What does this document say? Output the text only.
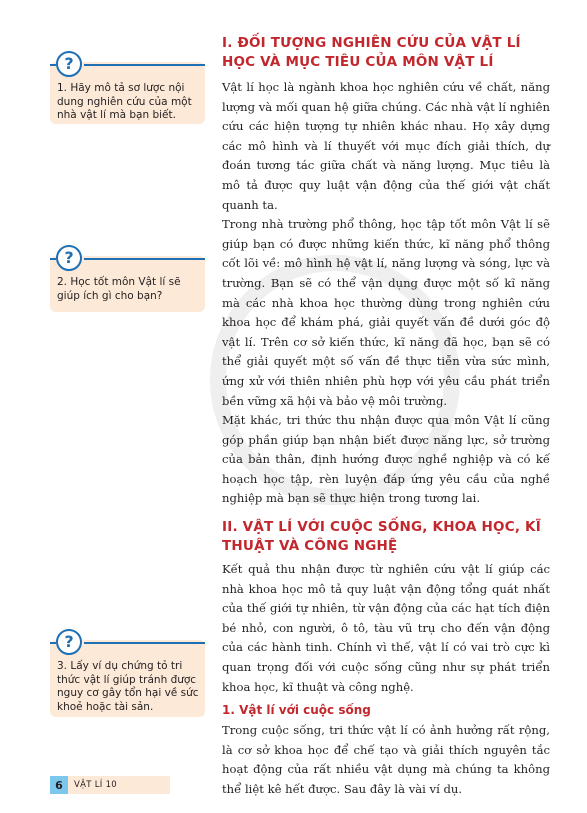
?
1. Hãy mô tả sơ lược nội dung nghiên cứu của một nhà vật lí mà bạn biết.
?
2. Học tốt môn Vật lí sẽ giúp ích gì cho bạn?
?
3. Lấy ví dụ chứng tỏ tri thức vật lí giúp tránh được nguy cơ gây tổn hại về sức khoẻ hoặc tài sản.
I. ĐỐI TƯỢNG NGHIÊN CỨU CỦA VẬT LÍ HỌC VÀ MỤC TIÊU CỦA MÔN VẬT LÍ

Vật lí học là ngành khoa học nghiên cứu về chất, năng lượng và mối quan hệ giữa chúng. Các nhà vật lí nghiên cứu các hiện tượng tự nhiên khác nhau. Họ xây dựng các mô hình và lí thuyết với mục đích giải thích, dự đoán tương tác giữa chất và năng lượng. Mục tiêu là mô tả được quy luật vận động của thế giới vật chất quanh ta.

Trong nhà trường phổ thông, học tập tốt môn Vật lí sẽ giúp bạn có được những kiến thức, kĩ năng phổ thông cốt lõi về: mô hình hệ vật lí, năng lượng và sóng, lực và trường. Bạn sẽ có thể vận dụng được một số kĩ năng mà các nhà khoa học thường dùng trong nghiên cứu khoa học để khám phá, giải quyết vấn đề dưới góc độ vật lí. Trên cơ sở kiến thức, kĩ năng đã học, bạn sẽ có thể giải quyết một số vấn đề thực tiễn vừa sức mình, ứng xử với thiên nhiên phù hợp với yêu cầu phát triển bền vững xã hội và bảo vệ môi trường.

Mặt khác, tri thức thu nhận được qua môn Vật lí cũng góp phần giúp bạn nhận biết được năng lực, sở trường của bản thân, định hướng được nghề nghiệp và có kế hoạch học tập, rèn luyện đáp ứng yêu cầu của nghề nghiệp mà bạn sẽ thực hiện trong tương lai.

II. VẬT LÍ VỚI CUỘC SỐNG, KHOA HỌC, KĨ THUẬT VÀ CÔNG NGHỆ

Kết quả thu nhận được từ nghiên cứu vật lí giúp các nhà khoa học mô tả quy luật vận động tổng quát nhất của thế giới tự nhiên, từ vận động của các hạt tích điện bé nhỏ, con người, ô tô, tàu vũ trụ cho đến vận động của các hành tinh. Chính vì thế, vật lí có vai trò cực kì quan trọng đối với cuộc sống cũng như sự phát triển khoa học, kĩ thuật và công nghệ.

1. Vật lí với cuộc sống

Trong cuộc sống, tri thức vật lí có ảnh hưởng rất rộng, là cơ sở khoa học để chế tạo và giải thích nguyên tắc hoạt động của rất nhiều vật dụng mà chúng ta không thể liệt kê hết được. Sau đây là vài ví dụ.

6	VẬT LÍ 10
